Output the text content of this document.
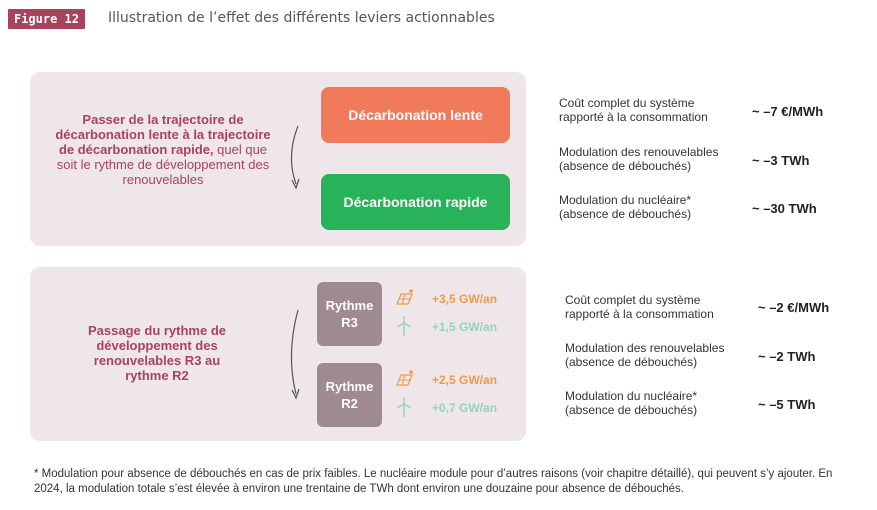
Figure 12	Illustration de l’effet des différents leviers actionnables
Passer de la trajectoire de décarbonation lente à la trajectoire de décarbonation rapide, quel que soit le rythme de développement des renouvelables
Décarbonation lente
Décarbonation rapide
Coût complet du système rapporté à la consommation	~ –7 €/MWh
Modulation des renouvelables (absence de débouchés)	~ –3 TWh
Modulation du nucléaire* (absence de débouchés)	~ –30 TWh
Passage du rythme de développement des renouvelables R3 au rythme R2
Rythme
R3
Rythme
R2
+3,5 GW/an
+1,5 GW/an
+2,5 GW/an
+0,7 GW/an
Coût complet du système rapporté à la consommation	~ –2 €/MWh
Modulation des renouvelables (absence de débouchés)	~ –2 TWh
Modulation du nucléaire* (absence de débouchés)	~ –5 TWh
* Modulation pour absence de débouchés en cas de prix faibles. Le nucléaire module pour d’autres raisons (voir chapitre détaillé), qui peuvent s’y ajouter. En 2024, la modulation totale s’est élevée à environ une trentaine de TWh dont environ une douzaine pour absence de débouchés.
